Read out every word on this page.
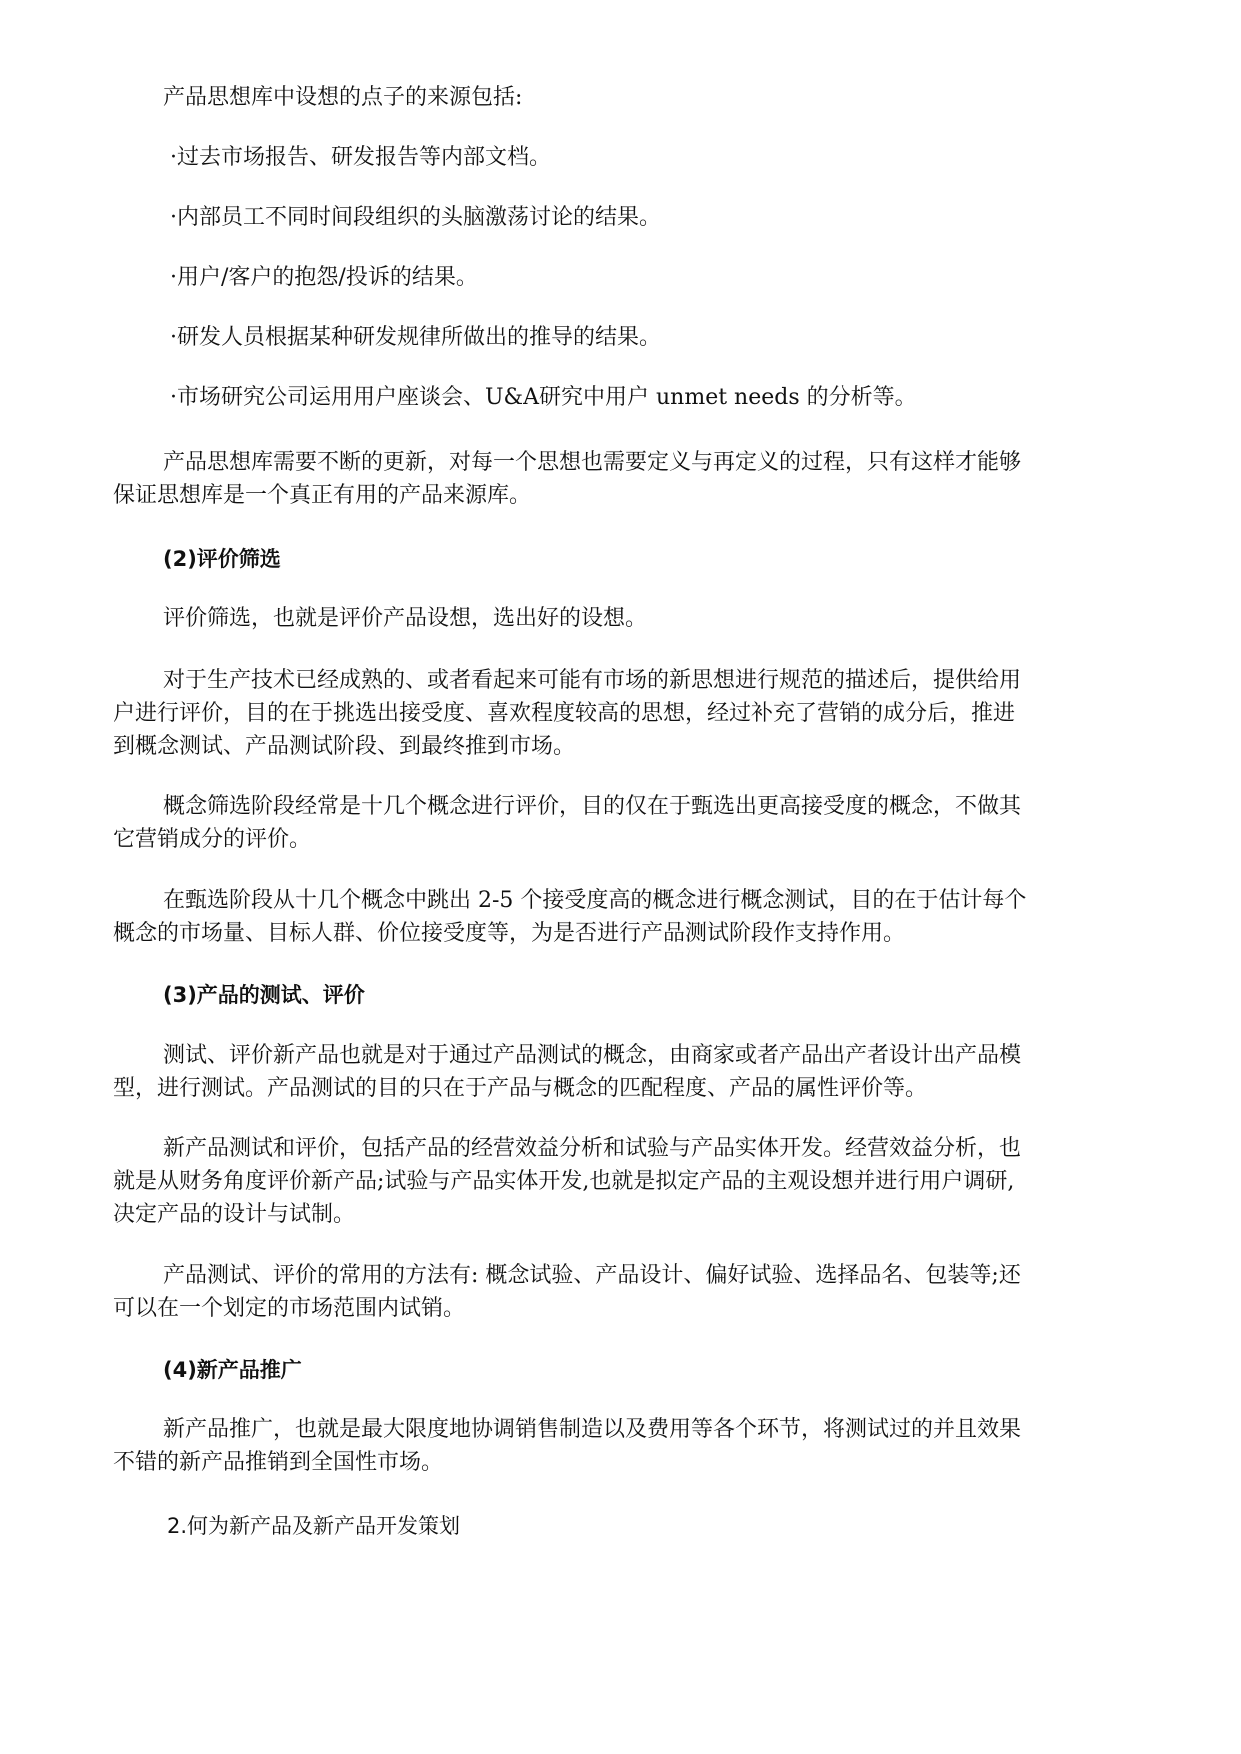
产品思想库中设想的点子的来源包括:

·过去市场报告、研发报告等内部文档。

·内部员工不同时间段组织的头脑激荡讨论的结果。

·用户/客户的抱怨/投诉的结果。

·研发人员根据某种研发规律所做出的推导的结果。

·市场研究公司运用用户座谈会、U&A研究中用户 unmet needs 的分析等。

产品思想库需要不断的更新，对每一个思想也需要定义与再定义的过程，只有这样才能够

保证思想库是一个真正有用的产品来源库。

(2)评价筛选

评价筛选，也就是评价产品设想，选出好的设想。

对于生产技术已经成熟的、或者看起来可能有市场的新思想进行规范的描述后，提供给用

户进行评价，目的在于挑选出接受度、喜欢程度较高的思想，经过补充了营销的成分后，推进

到概念测试、产品测试阶段、到最终推到市场。

概念筛选阶段经常是十几个概念进行评价，目的仅在于甄选出更高接受度的概念，不做其

它营销成分的评价。

在甄选阶段从十几个概念中跳出 2-5 个接受度高的概念进行概念测试，目的在于估计每个

概念的市场量、目标人群、价位接受度等，为是否进行产品测试阶段作支持作用。

(3)产品的测试、评价

测试、评价新产品也就是对于通过产品测试的概念，由商家或者产品出产者设计出产品模

型，进行测试。产品测试的目的只在于产品与概念的匹配程度、产品的属性评价等。

新产品测试和评价，包括产品的经营效益分析和试验与产品实体开发。经营效益分析，也

就是从财务角度评价新产品;试验与产品实体开发,也就是拟定产品的主观设想并进行用户调研,

决定产品的设计与试制。

产品测试、评价的常用的方法有: 概念试验、产品设计、偏好试验、选择品名、包装等;还

可以在一个划定的市场范围内试销。

(4)新产品推广

新产品推广，也就是最大限度地协调销售制造以及费用等各个环节，将测试过的并且效果

不错的新产品推销到全国性市场。

2.何为新产品及新产品开发策划
